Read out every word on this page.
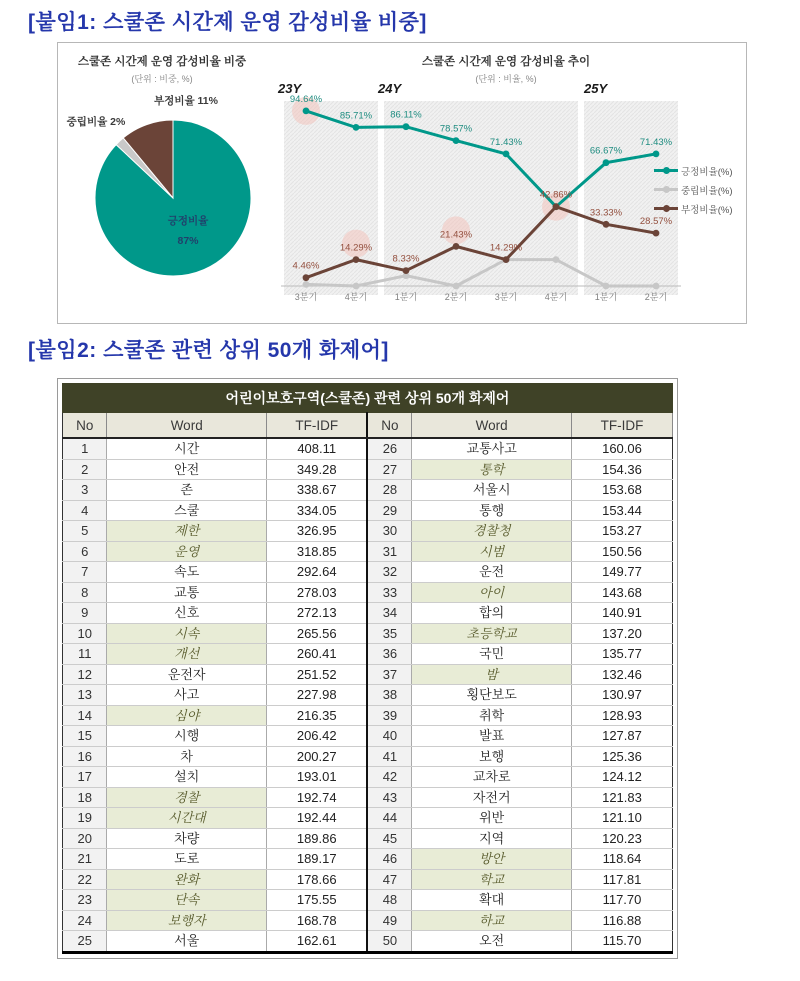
[붙임1: 스쿨존 시간제 운영 감성비율 비중]
스쿨존 시간제 운영 감성비율 비중
(단위 : 비중, %)
부정비율 11%
중립비율 2%
긍정비율
87%
스쿨존 시간제 운영 감성비율 추이
(단위 : 비율, %)
23Y	24Y	25Y
3분기	4분기	1분기	2분기	3분기	4분기	1분기	2분기
94.64%
85.71% 86.11%
78.57%
71.43%
66.67%
71.43%
4.46%
14.29%
8.33%
21.43%
14.29%
42.86%
33.33%
28.57%
긍정비율(%)
중립비율(%)
부정비율(%)
[붙임2: 스쿨존 관련 상위 50개 화제어]
어린이보호구역(스쿨존) 관련 상위 50개 화제어					
No	Word	TF-IDF	No	Word	TF-IDF
1	시간	408.11	26	교통사고	160.06
2	안전	349.28	27	통학	154.36
3	존	338.67	28	서울시	153.68
4	스쿨	334.05	29	통행	153.44
5	제한	326.95	30	경찰청	153.27
6	운영	318.85	31	시범	150.56
7	속도	292.64	32	운전	149.77
8	교통	278.03	33	아이	143.68
9	신호	272.13	34	합의	140.91
10	시속	265.56	35	초등학교	137.20
11	개선	260.41	36	국민	135.77
12	운전자	251.52	37	밤	132.46
13	사고	227.98	38	횡단보도	130.97
14	심야	216.35	39	취학	128.93
15	시행	206.42	40	발표	127.87
16	차	200.27	41	보행	125.36
17	설치	193.01	42	교차로	124.12
18	경찰	192.74	43	자전거	121.83
19	시간대	192.44	44	위반	121.10
20	차량	189.86	45	지역	120.23
21	도로	189.17	46	방안	118.64
22	완화	178.66	47	학교	117.81
23	단속	175.55	48	확대	117.70
24	보행자	168.78	49	하교	116.88
25	서울	162.61	50	오전	115.70
